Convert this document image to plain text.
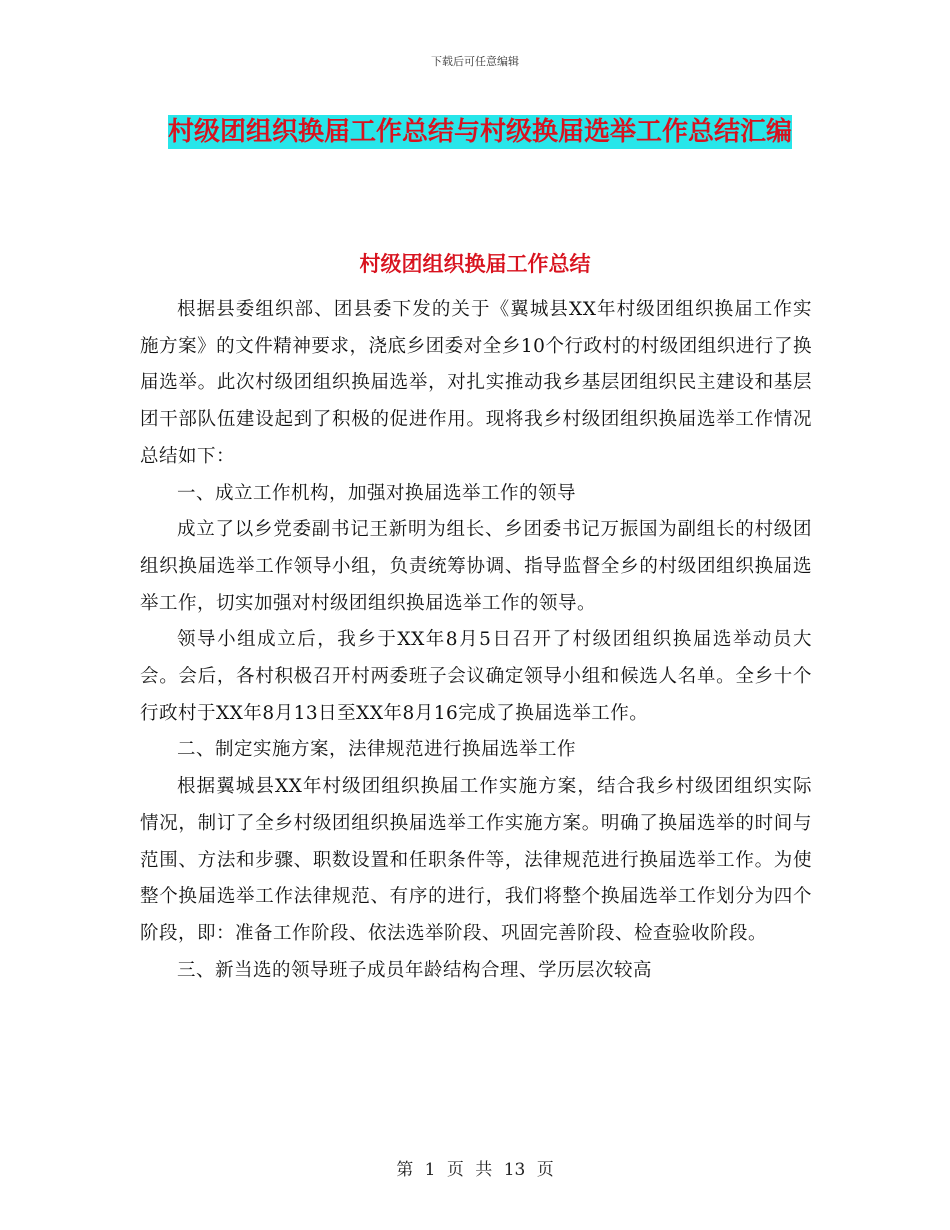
下载后可任意编辑
村级团组织换届工作总结与村级换届选举工作总结汇编
村级团组织换届工作总结

根据县委组织部、团县委下发的关于《翼城县XX年村级团组织换届工作实施方案》的文件精神要求，浇底乡团委对全乡10个行政村的村级团组织进行了换届选举。此次村级团组织换届选举，对扎实推动我乡基层团组织民主建设和基层团干部队伍建设起到了积极的促进作用。现将我乡村级团组织换届选举工作情况总结如下：

一、成立工作机构，加强对换届选举工作的领导

成立了以乡党委副书记王新明为组长、乡团委书记万振国为副组长的村级团组织换届选举工作领导小组，负责统筹协调、指导监督全乡的村级团组织换届选举工作，切实加强对村级团组织换届选举工作的领导。

领导小组成立后，我乡于XX年8月5日召开了村级团组织换届选举动员大会。会后，各村积极召开村两委班子会议确定领导小组和候选人名单。全乡十个行政村于XX年8月13日至XX年8月16完成了换届选举工作。

二、制定实施方案，法律规范进行换届选举工作

根据翼城县XX年村级团组织换届工作实施方案，结合我乡村级团组织实际情况，制订了全乡村级团组织换届选举工作实施方案。明确了换届选举的时间与范围、方法和步骤、职数设置和任职条件等，法律规范进行换届选举工作。为使整个换届选举工作法律规范、有序的进行，我们将整个换届选举工作划分为四个阶段，即：准备工作阶段、依法选举阶段、巩固完善阶段、检查验收阶段。

三、新当选的领导班子成员年龄结构合理、学历层次较高

第 1 页 共 13 页
